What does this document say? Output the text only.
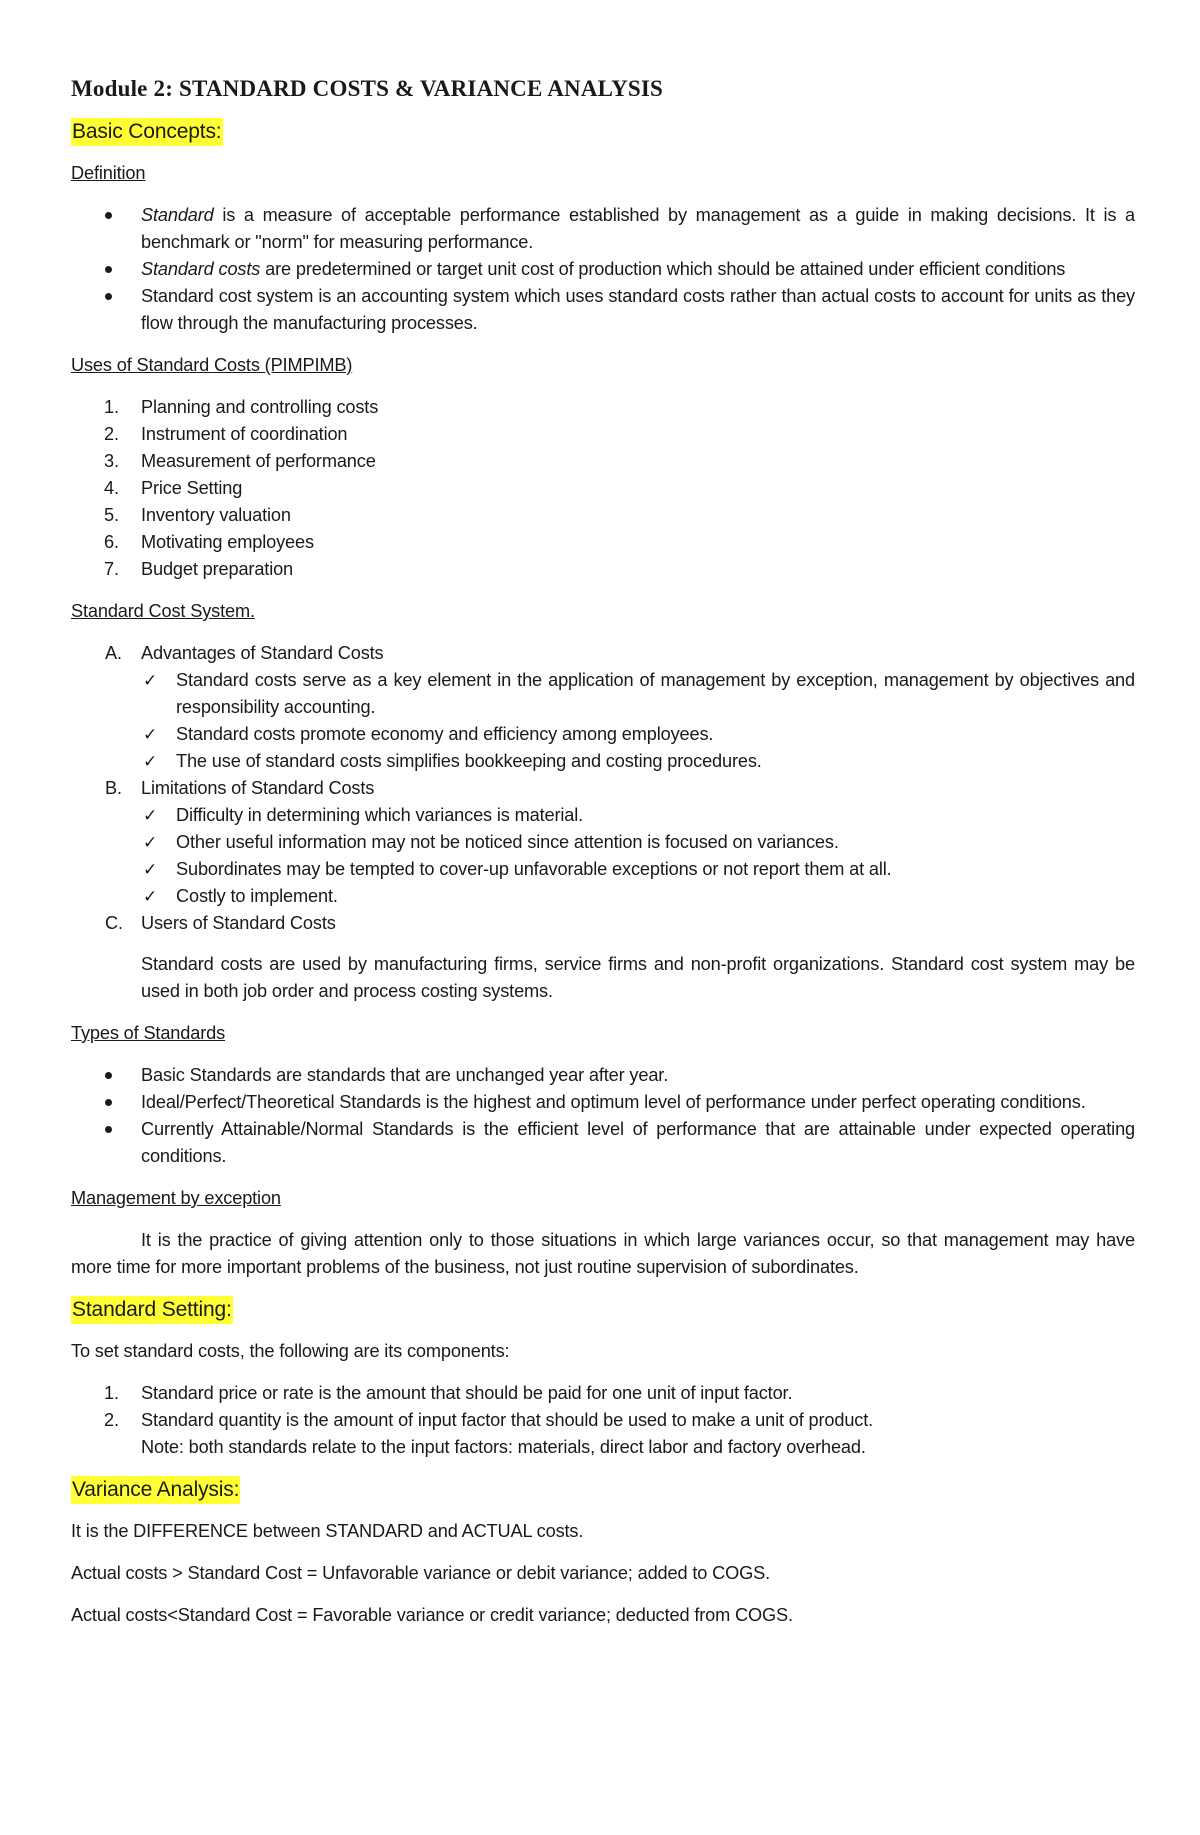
Module 2: STANDARD COSTS & VARIANCE ANALYSIS
Basic Concepts:
Definition
Standard is a measure of acceptable performance established by management as a guide in making decisions. It is a benchmark or "norm" for measuring performance.
Standard costs are predetermined or target unit cost of production which should be attained under efficient conditions
Standard cost system is an accounting system which uses standard costs rather than actual costs to account for units as they flow through the manufacturing processes.
Uses of Standard Costs (PIMPIMB)
1.	Planning and controlling costs
2.	Instrument of coordination
3.	Measurement of performance
4.	Price Setting
5.	Inventory valuation
6.	Motivating employees
7.	Budget preparation
Standard Cost System.
A. Advantages of Standard Costs
✓ Standard costs serve as a key element in the application of management by exception, management by objectives and responsibility accounting.
✓ Standard costs promote economy and efficiency among employees.
✓ The use of standard costs simplifies bookkeeping and costing procedures.
B. Limitations of Standard Costs
✓ Difficulty in determining which variances is material.
✓ Other useful information may not be noticed since attention is focused on variances.
✓ Subordinates may be tempted to cover-up unfavorable exceptions or not report them at all.
✓ Costly to implement.
C. Users of Standard Costs

Standard costs are used by manufacturing firms, service firms and non-profit organizations. Standard cost system may be used in both job order and process costing systems.

Types of Standards
Basic Standards are standards that are unchanged year after year.
Ideal/Perfect/Theoretical Standards is the highest and optimum level of performance under perfect operating conditions.
Currently Attainable/Normal Standards is the efficient level of performance that are attainable under expected operating conditions.
Management by exception

It is the practice of giving attention only to those situations in which large variances occur, so that management may have more time for more important problems of the business, not just routine supervision of subordinates.

Standard Setting:

To set standard costs, the following are its components:

1.	Standard price or rate is the amount that should be paid for one unit of input factor.
2.	Standard quantity is the amount of input factor that should be used to make a unit of product.
Note: both standards relate to the input factors: materials, direct labor and factory overhead.
Variance Analysis:

It is the DIFFERENCE between STANDARD and ACTUAL costs.

Actual costs > Standard Cost = Unfavorable variance or debit variance; added to COGS.

Actual costs<Standard Cost = Favorable variance or credit variance; deducted from COGS.
